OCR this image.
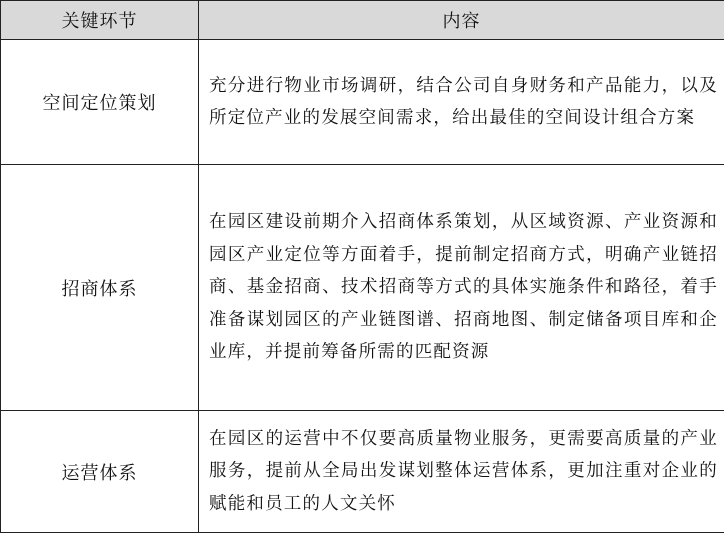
关键环节	内容
空间定位策划	充分进行物业市场调研，结合公司自身财务和产品能力，以及所定位产业的发展空间需求，给出最佳的空间设计组合方案
招商体系	在园区建设前期介入招商体系策划，从区域资源、产业资源和园区产业定位等方面着手，提前制定招商方式，明确产业链招商、基金招商、技术招商等方式的具体实施条件和路径，着手准备谋划园区的产业链图谱、招商地图、制定储备项目库和企业库，并提前筹备所需的匹配资源
运营体系	在园区的运营中不仅要高质量物业服务，更需要高质量的产业服务，提前从全局出发谋划整体运营体系，更加注重对企业的赋能和员工的人文关怀
